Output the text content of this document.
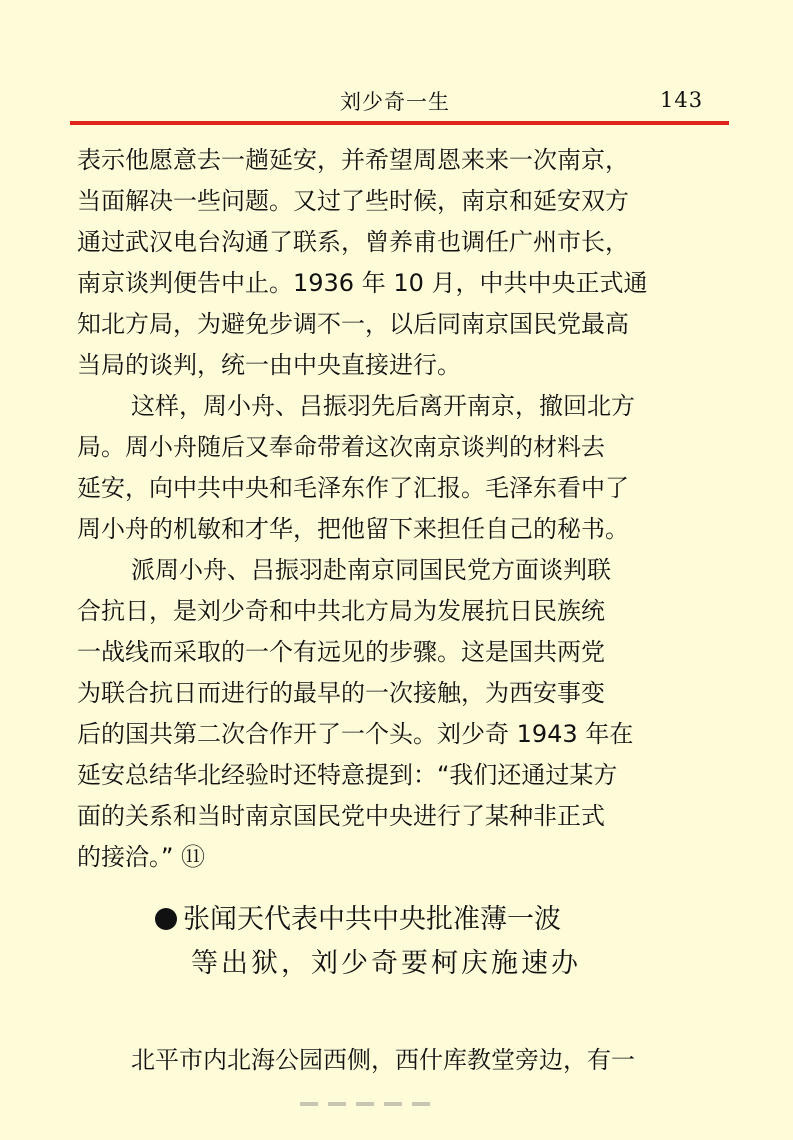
刘少奇一生	143
表示他愿意去一趟延安，并希望周恩来来一次南京，
当面解决一些问题。又过了些时候，南京和延安双方
通过武汉电台沟通了联系，曾养甫也调任广州市长，
南京谈判便告中止。1936 年 10 月，中共中央正式通
知北方局，为避免步调不一，以后同南京国民党最高
当局的谈判，统一由中央直接进行。
这样，周小舟、吕振羽先后离开南京，撤回北方
局。周小舟随后又奉命带着这次南京谈判的材料去
延安，向中共中央和毛泽东作了汇报。毛泽东看中了
周小舟的机敏和才华，把他留下来担任自己的秘书。
派周小舟、吕振羽赴南京同国民党方面谈判联
合抗日，是刘少奇和中共北方局为发展抗日民族统
一战线而采取的一个有远见的步骤。这是国共两党
为联合抗日而进行的最早的一次接触，为西安事变
后的国共第二次合作开了一个头。刘少奇 1943 年在
延安总结华北经验时还特意提到：“我们还通过某方
面的关系和当时南京国民党中央进行了某种非正式
的接洽。” ⑪
张闻天代表中共中央批准薄一波
等出狱，刘少奇要柯庆施速办
北平市内北海公园西侧，西什库教堂旁边，有一
